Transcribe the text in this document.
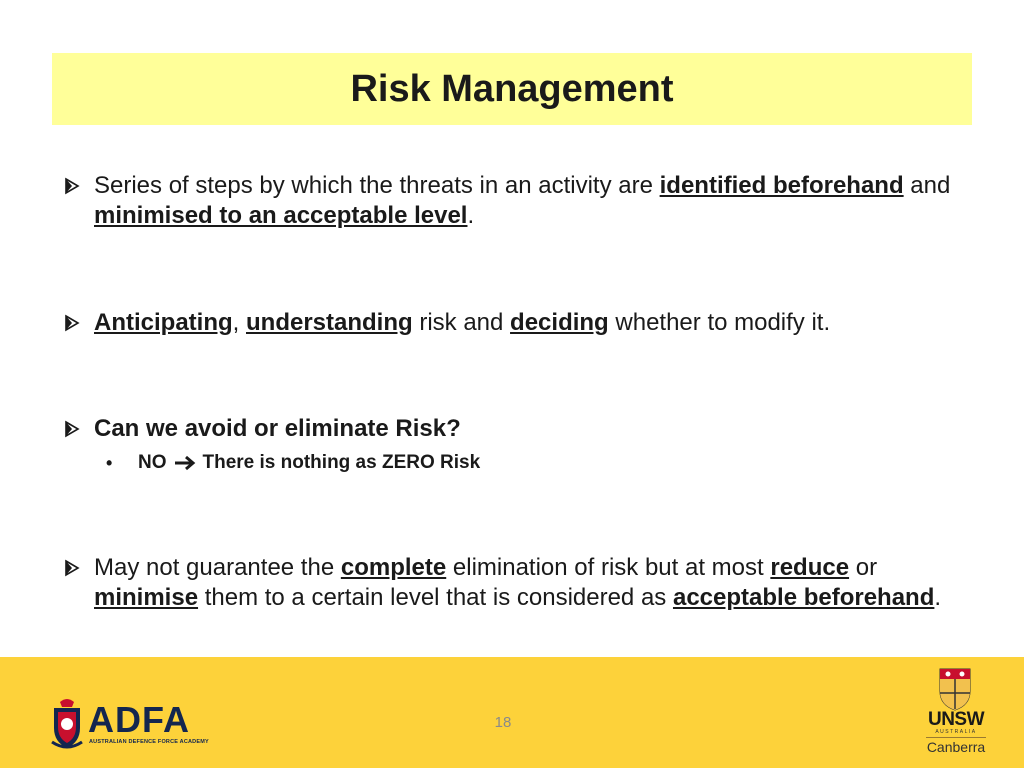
Risk Management
Series of steps by which the threats in an activity are identified beforehand and minimised to an acceptable level.
Anticipating, understanding risk and deciding whether to modify it.
Can we avoid or eliminate Risk?
•	NO There is nothing as ZERO Risk
May not guarantee the complete elimination of risk but at most reduce or minimise them to a certain level that is considered as acceptable beforehand.
ADFA
AUSTRALIAN DEFENCE FORCE ACADEMY
18	UNSW
AUSTRALIA
Canberra
